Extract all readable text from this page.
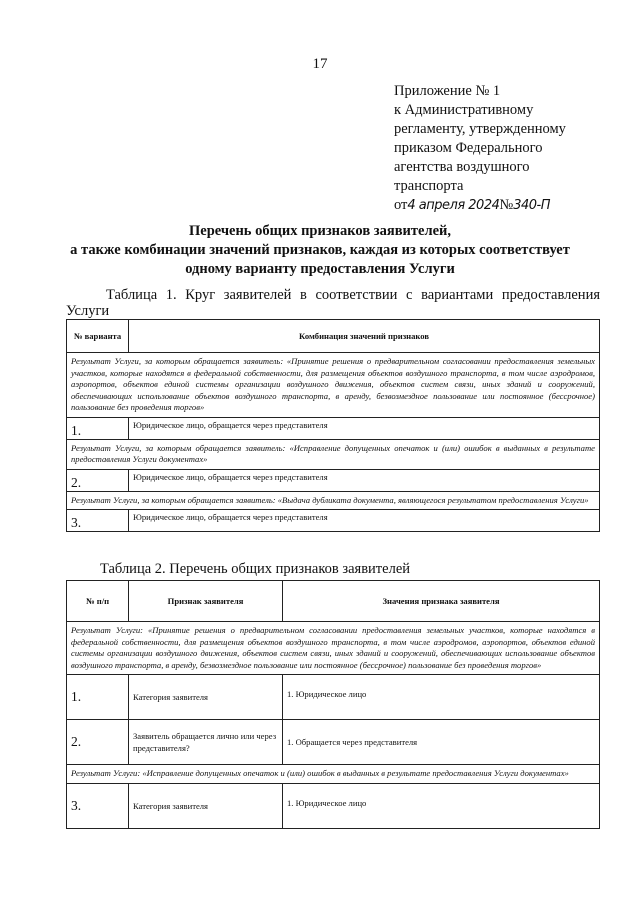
17
Приложение № 1
к Административному
регламенту, утвержденному
приказом Федерального
агентства воздушного
транспорта
от4 апреля 2024№340-П
Перечень общих признаков заявителей,
а также комбинации значений признаков, каждая из которых соответствует
одному варианту предоставления Услуги
Таблица 1. Круг заявителей в соответствии с вариантами предоставления
Услуги
№ варианта	Комбинация значений признаков
Результат Услуги, за которым обращается заявитель: «Принятие решения о предварительном согласовании предоставления земельных участков, которые находятся в федеральной собственности, для размещения объектов воздушного транспорта, в том числе аэродромов, аэропортов, объектов единой системы организации воздушного движения, объектов систем связи, иных зданий и сооружений, обеспечивающих использование объектов воздушного транспорта, в аренду, безвозмездное пользование или постоянное (бессрочное) пользование без проведения торгов»	
1.	Юридическое лицо, обращается через представителя
Результат Услуги, за которым обращается заявитель: «Исправление допущенных опечаток и (или) ошибок в выданных в результате предоставления Услуги документах»	
2.	Юридическое лицо, обращается через представителя
Результат Услуги, за которым обращается заявитель: «Выдача дубликата документа, являющегося результатом предоставления Услуги»	
3.	Юридическое лицо, обращается через представителя
Таблица 2. Перечень общих признаков заявителей
№ п/п	Признак заявителя	Значения признака заявителя
Результат Услуги: «Принятие решения о предварительном согласовании предоставления земельных участков, которые находятся в федеральной собственности, для размещения объектов воздушного транспорта, в том числе аэродромов, аэропортов, объектов единой системы организации воздушного движения, объектов систем связи, иных зданий и сооружений, обеспечивающих использование объектов воздушного транспорта, в аренду, безвозмездное пользование или постоянное (бессрочное) пользование без проведения торгов»		
1.	Категория заявителя	1. Юридическое лицо
2.	Заявитель обращается лично или через представителя?	1. Обращается через представителя
Результат Услуги: «Исправление допущенных опечаток и (или) ошибок в выданных в результате предоставления Услуги документах»		
3.	Категория заявителя	1. Юридическое лицо
